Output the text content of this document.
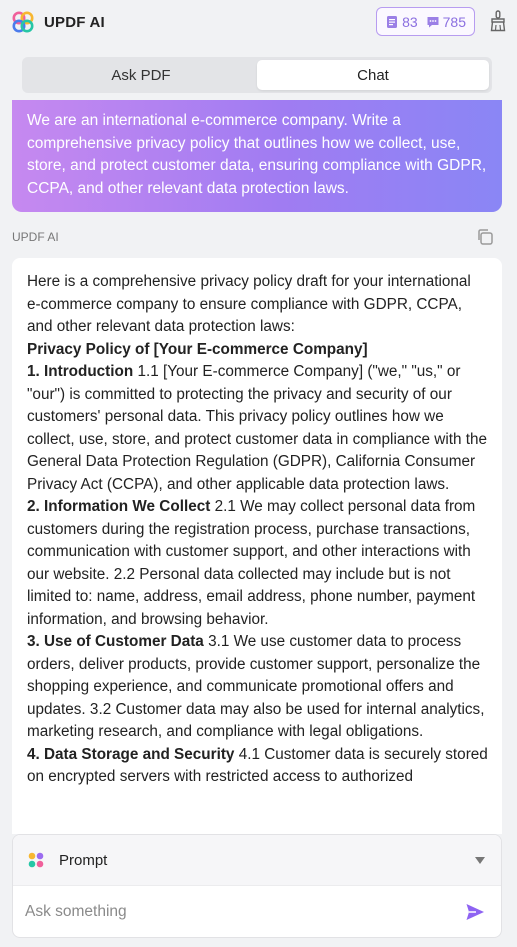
UPDF AI	83 785
Ask PDF	Chat
We are an international e-commerce company. Write a comprehensive privacy policy that outlines how we collect, use, store, and protect customer data, ensuring compliance with GDPR, CCPA, and other relevant data protection laws.
UPDF AI

Here is a comprehensive privacy policy draft for your international e-commerce company to ensure compliance with GDPR, CCPA, and other relevant data protection laws:

Privacy Policy of [Your E-commerce Company]

1. Introduction 1.1 [Your E-commerce Company] ("we," "us," or "our") is committed to protecting the privacy and security of our customers' personal data. This privacy policy outlines how we collect, use, store, and protect customer data in compliance with the General Data Protection Regulation (GDPR), California Consumer Privacy Act (CCPA), and other applicable data protection laws.

2. Information We Collect 2.1 We may collect personal data from customers during the registration process, purchase transactions, communication with customer support, and other interactions with our website. 2.2 Personal data collected may include but is not limited to: name, address, email address, phone number, payment information, and browsing behavior.

3. Use of Customer Data 3.1 We use customer data to process orders, deliver products, provide customer support, personalize the shopping experience, and communicate promotional offers and updates. 3.2 Customer data may also be used for internal analytics, marketing research, and compliance with legal obligations.

4. Data Storage and Security 4.1 Customer data is securely stored on encrypted servers with restricted access to authorized

Prompt
Ask something
